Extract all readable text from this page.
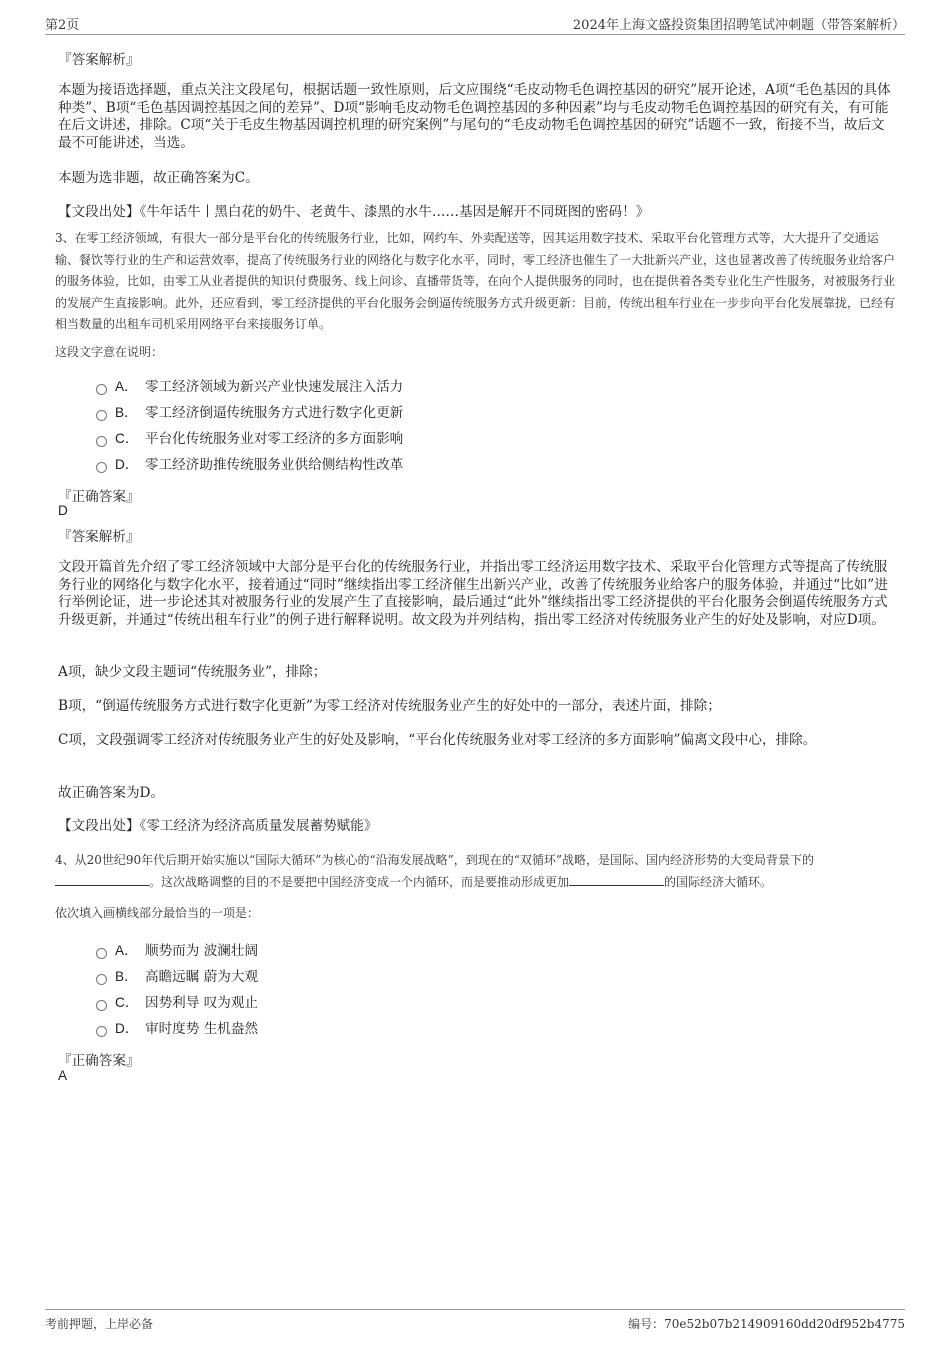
第2页	2024年上海文盛投资集团招聘笔试冲刺题（带答案解析）
『答案解析』

本题为接语选择题，重点关注文段尾句，根据话题一致性原则，后文应围绕“毛皮动物毛色调控基因的研究”展开论述，A项“毛色基因的具体种类”、B项“毛色基因调控基因之间的差异”、D项“影响毛皮动物毛色调控基因的多种因素”均与毛皮动物毛色调控基因的研究有关，有可能在后文讲述，排除。C项“关于毛皮生物基因调控机理的研究案例”与尾句的“毛皮动物毛色调控基因的研究”话题不一致，衔接不当，故后文最不可能讲述，当选。

本题为选非题，故正确答案为C。

【文段出处】《牛年话牛丨黑白花的奶牛、老黄牛、漆黑的水牛……基因是解开不同斑图的密码！》

3、在零工经济领域，有很大一部分是平台化的传统服务行业，比如，网约车、外卖配送等，因其运用数字技术、采取平台化管理方式等，大大提升了交通运输、餐饮等行业的生产和运营效率，提高了传统服务行业的网络化与数字化水平，同时，零工经济也催生了一大批新兴产业，这也显著改善了传统服务业给客户的服务体验，比如，由零工从业者提供的知识付费服务、线上问诊、直播带货等，在向个人提供服务的同时，也在提供着各类专业化生产性服务，对被服务行业的发展产生直接影响。此外，还应看到，零工经济提供的平台化服务会倒逼传统服务方式升级更新：目前，传统出租车行业在一步步向平台化发展靠拢，已经有相当数量的出租车司机采用网络平台来接服务订单。

这段文字意在说明：

A． 零工经济领域为新兴产业快速发展注入活力
B． 零工经济倒逼传统服务方式进行数字化更新
C． 平台化传统服务业对零工经济的多方面影响
D． 零工经济助推传统服务业供给侧结构性改革
『正确答案』
D
『答案解析』

文段开篇首先介绍了零工经济领域中大部分是平台化的传统服务行业，并指出零工经济运用数字技术、采取平台化管理方式等提高了传统服务行业的网络化与数字化水平，接着通过“同时”继续指出零工经济催生出新兴产业，改善了传统服务业给客户的服务体验，并通过“比如”进行举例论证，进一步论述其对被服务行业的发展产生了直接影响，最后通过“此外”继续指出零工经济提供的平台化服务会倒逼传统服务方式升级更新，并通过“传统出租车行业”的例子进行解释说明。故文段为并列结构，指出零工经济对传统服务业产生的好处及影响，对应D项。

A项，缺少文段主题词“传统服务业”，排除；

B项，“倒逼传统服务方式进行数字化更新”为零工经济对传统服务业产生的好处中的一部分，表述片面，排除；

C项，文段强调零工经济对传统服务业产生的好处及影响，“平台化传统服务业对零工经济的多方面影响”偏离文段中心，排除。

故正确答案为D。

【文段出处】《零工经济为经济高质量发展蓄势赋能》

4、从20世纪90年代后期开始实施以“国际大循环”为核心的“沿海发展战略”，到现在的“双循环”战略，是国际、国内经济形势的大变局背景下的
。这次战略调整的目的不是要把中国经济变成一个内循环，而是要推动形成更加	的国际经济大循环。

依次填入画横线部分最恰当的一项是：

A． 顺势而为 波澜壮阔
B． 高瞻远瞩 蔚为大观
C． 因势利导 叹为观止
D． 审时度势 生机盎然
『正确答案』
A
考前押题，上岸必备	编号：70e52b07b214909160dd20df952b4775
